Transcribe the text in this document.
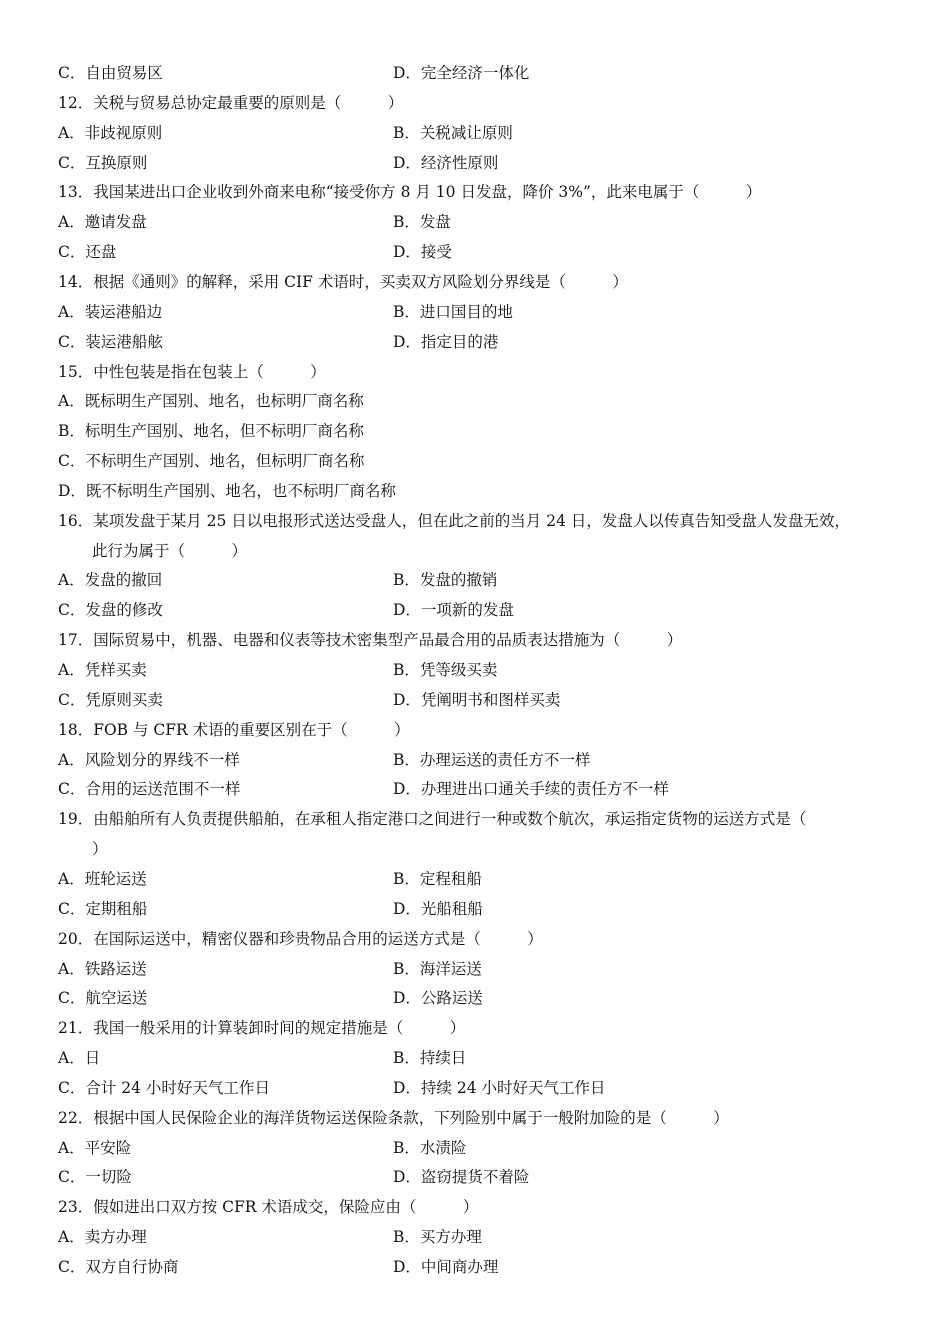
C．自由贸易区	D．完全经济一体化
12．关税与贸易总协定最重要的原则是（　　　）
A．非歧视原则	B．关税减让原则
C．互换原则	D．经济性原则
13．我国某进出口企业收到外商来电称“接受你方 8 月 10 日发盘，降价 3%”，此来电属于（　　　）
A．邀请发盘	B．发盘
C．还盘	D．接受
14．根据《通则》的解释，采用 CIF 术语时，买卖双方风险划分界线是（　　　）
A．装运港船边	B．进口国目的地
C．装运港船舷	D．指定目的港
15．中性包装是指在包装上（　　　）
A．既标明生产国别、地名，也标明厂商名称
B．标明生产国别、地名，但不标明厂商名称
C．不标明生产国别、地名，但标明厂商名称
D．既不标明生产国别、地名，也不标明厂商名称
16．某项发盘于某月 25 日以电报形式送达受盘人，但在此之前的当月 24 日，发盘人以传真告知受盘人发盘无效，
此行为属于（　　　）
A．发盘的撤回	B．发盘的撤销
C．发盘的修改	D．一项新的发盘
17．国际贸易中，机器、电器和仪表等技术密集型产品最合用的品质表达措施为（　　　）
A．凭样买卖	B．凭等级买卖
C．凭原则买卖	D．凭阐明书和图样买卖
18．FOB 与 CFR 术语的重要区别在于（　　　）
A．风险划分的界线不一样	B．办理运送的责任方不一样
C．合用的运送范围不一样	D．办理进出口通关手续的责任方不一样
19．由船舶所有人负责提供船舶，在承租人指定港口之间进行一种或数个航次，承运指定货物的运送方式是（
）
A．班轮运送	B．定程租船
C．定期租船	D．光船租船
20．在国际运送中，精密仪器和珍贵物品合用的运送方式是（　　　）
A．铁路运送	B．海洋运送
C．航空运送	D．公路运送
21．我国一般采用的计算装卸时间的规定措施是（　　　）
A．日	B．持续日
C．合计 24 小时好天气工作日	D．持续 24 小时好天气工作日
22．根据中国人民保险企业的海洋货物运送保险条款，下列险别中属于一般附加险的是（　　　）
A．平安险	B．水渍险
C．一切险	D．盗窃提货不着险
23．假如进出口双方按 CFR 术语成交，保险应由（　　　）
A．卖方办理	B．买方办理
C．双方自行协商	D．中间商办理
